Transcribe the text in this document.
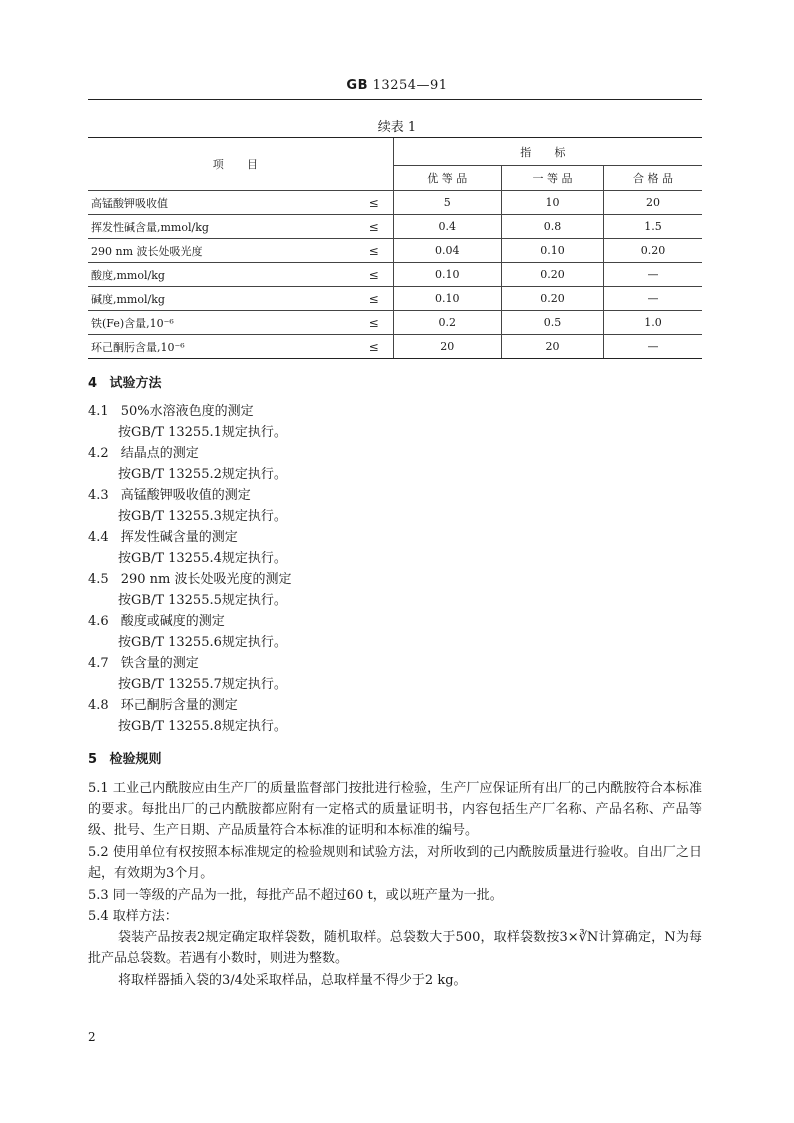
GB 13254—91
续表 1
项 目	指 标		
	优 等 品	一 等 品	合 格 品

高锰酸钾吸收值 ≤	5	10	20

挥发性碱含量,mmol/kg ≤	0.4	0.8	1.5

290 nm 波长处吸光度 ≤	0.04	0.10	0.20

酸度,mmol/kg ≤	0.10	0.20	—

碱度,mmol/kg ≤	0.10	0.20	—

铁(Fe)含量,10⁻⁶ ≤	0.2	0.5	1.0

环己酮肟含量,10⁻⁶ ≤	20	20	—
4 试验方法
4.1 50%水溶液色度的测定
按GB/T 13255.1规定执行。
4.2 结晶点的测定
按GB/T 13255.2规定执行。
4.3 高锰酸钾吸收值的测定
按GB/T 13255.3规定执行。
4.4 挥发性碱含量的测定
按GB/T 13255.4规定执行。
4.5 290 nm 波长处吸光度的测定
按GB/T 13255.5规定执行。
4.6 酸度或碱度的测定
按GB/T 13255.6规定执行。
4.7 铁含量的测定
按GB/T 13255.7规定执行。
4.8 环己酮肟含量的测定
按GB/T 13255.8规定执行。
5 检验规则
5.1 工业己内酰胺应由生产厂的质量监督部门按批进行检验，生产厂应保证所有出厂的己内酰胺符合本标准的要求。每批出厂的己内酰胺都应附有一定格式的质量证明书，内容包括生产厂名称、产品名称、产品等级、批号、生产日期、产品质量符合本标准的证明和本标准的编号。
5.2 使用单位有权按照本标准规定的检验规则和试验方法，对所收到的己内酰胺质量进行验收。自出厂之日起，有效期为3个月。
5.3 同一等级的产品为一批，每批产品不超过60 t，或以班产量为一批。
5.4 取样方法：
袋装产品按表2规定确定取样袋数，随机取样。总袋数大于500，取样袋数按3×∛N计算确定，N为每批产品总袋数。若遇有小数时，则进为整数。
将取样器插入袋的3/4处采取样品，总取样量不得少于2 kg。
2
